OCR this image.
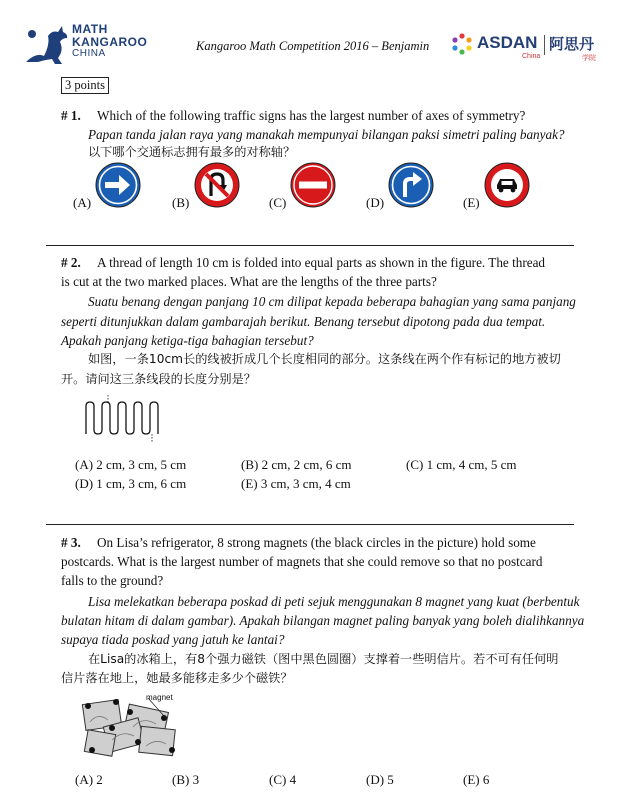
MATH
KANGAROO
CHINA
Kangaroo Math Competition 2016 – Benjamin	ASDAN
China
阿思丹
学院
3 points
# 1. Which of the following traffic signs has the largest number of axes of symmetry?
Papan tanda jalan raya yang manakah mempunyai bilangan paksi simetri paling banyak?
以下哪个交通标志拥有最多的对称轴？
(A)	(B)	(C)	(D)	(E)
# 2. A thread of length 10 cm is folded into equal parts as shown in the figure. The thread
is cut at the two marked places. What are the lengths of the three parts?
Suatu benang dengan panjang 10 cm dilipat kepada beberapa bahagian yang sama panjang
seperti ditunjukkan dalam gambarajah berikut. Benang tersebut dipotong pada dua tempat.
Apakah panjang ketiga-tiga bahagian tersebut?
如图，一条10cm长的线被折成几个长度相同的部分。这条线在两个作有标记的地方被切
开。请问这三条线段的长度分别是？
(A) 2 cm, 3 cm, 5 cm	(B) 2 cm, 2 cm, 6 cm	(C) 1 cm, 4 cm, 5 cm
(D) 1 cm, 3 cm, 6 cm	(E) 3 cm, 3 cm, 4 cm
# 3. On Lisa’s refrigerator, 8 strong magnets (the black circles in the picture) hold some
postcards. What is the largest number of magnets that she could remove so that no postcard
falls to the ground?
Lisa melekatkan beberapa poskad di peti sejuk menggunakan 8 magnet yang kuat (berbentuk
bulatan hitam di dalam gambar). Apakah bilangan magnet paling banyak yang boleh dialihkannya
supaya tiada poskad yang jatuh ke lantai?
在Lisa的冰箱上，有8个强力磁铁（图中黑色圆圈）支撑着一些明信片。若不可有任何明
信片落在地上，她最多能移走多少个磁铁？
magnet
(A) 2	(B) 3	(C) 4	(D) 5	(E) 6
